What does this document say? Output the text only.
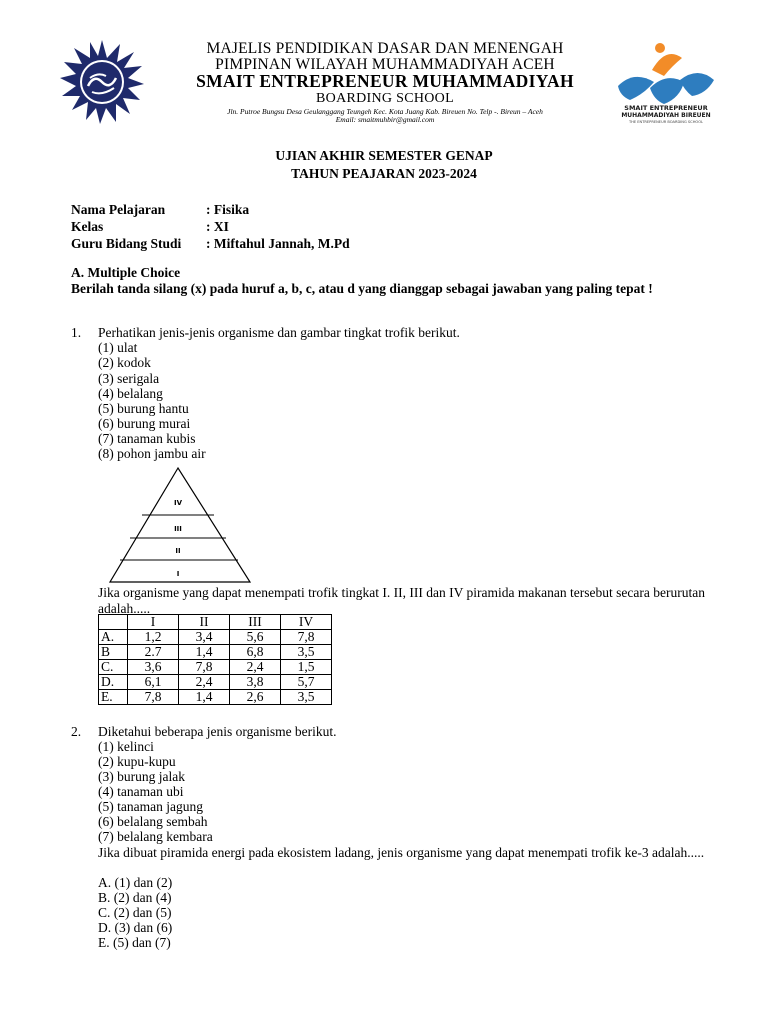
MAJELIS PENDIDIKAN DASAR DAN MENENGAH
PIMPINAN WILAYAH MUHAMMADIYAH ACEH
SMAIT ENTREPRENEUR MUHAMMADIYAH
BOARDING SCHOOL
Jln. Putroe Bungsu Desa Geulanggang Teungeh Kec. Kota Juang Kab. Bireuen No. Telp -. Bireun – Aceh
Email: smaitmuhbir@gmail.com
SMAIT ENTREPRENEUR
MUHAMMADIYAH BIREUEN
THE ENTREPRENEUR BOARDING SCHOOL
UJIAN AKHIR SEMESTER GENAP
TAHUN PEAJARAN 2023-2024
Nama Pelajaran	: Fisika
Kelas	: XI
Guru Bidang Studi : Miftahul Jannah, M.Pd
A. Multiple Choice
Berilah tanda silang (x) pada huruf a, b, c, atau d yang dianggap sebagai jawaban yang paling tepat !
1. Perhatikan jenis-jenis organisme dan gambar tingkat trofik berikut.
(1) ulat
(2) kodok
(3) serigala
(4) belalang
(5) burung hantu
(6) burung murai
(7) tanaman kubis
(8) pohon jambu air
IV
III
II
I
Jika organisme yang dapat menempati trofik tingkat I. II, III dan IV piramida makanan tersebut secara berurutan adalah.....
	I	II	III	IV
A.	1,2	3,4	5,6	7,8
B	2.7	1,4	6,8	3,5
C.	3,6	7,8	2,4	1,5
D.	6,1	2,4	3,8	5,7
E.	7,8	1,4	2,6	3,5
2. Diketahui beberapa jenis organisme berikut.
(1) kelinci
(2) kupu-kupu
(3) burung jalak
(4) tanaman ubi
(5) tanaman jagung
(6) belalang sembah
(7) belalang kembara
Jika dibuat piramida energi pada ekosistem ladang, jenis organisme yang dapat menempati trofik ke-3 adalah.....
A. (1) dan (2)
B. (2) dan (4)
C. (2) dan (5)
D. (3) dan (6)
E. (5) dan (7)
